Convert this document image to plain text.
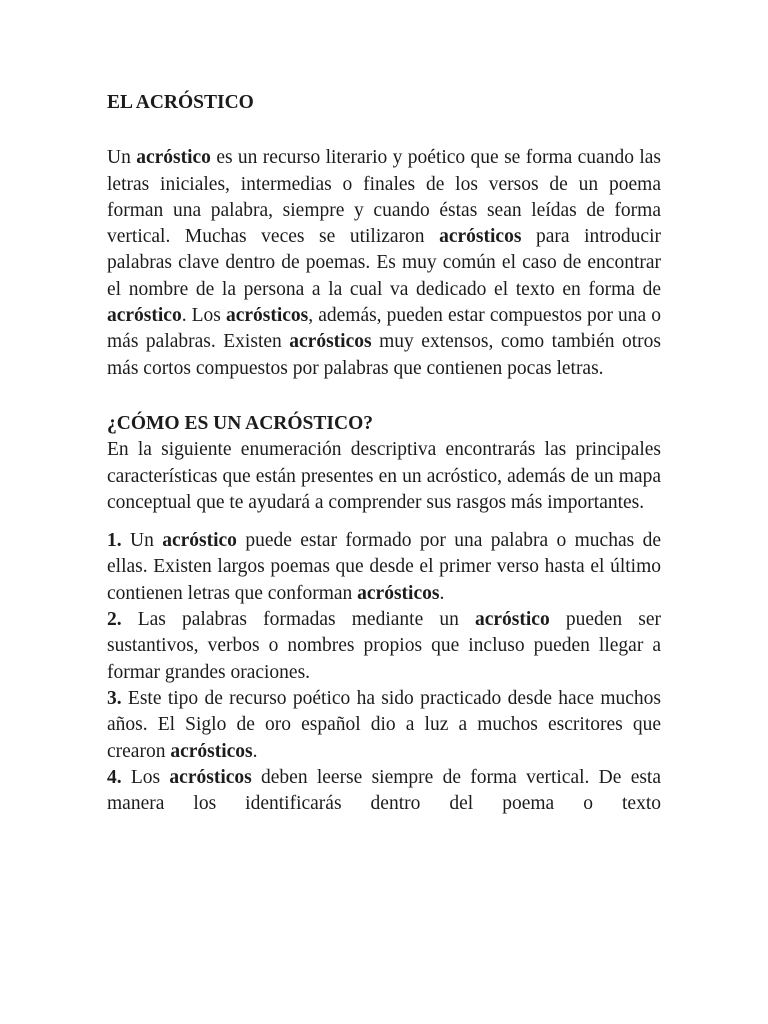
EL ACRÓSTICO

Un acróstico es un recurso literario y poético que se forma cuando las letras iniciales, intermedias o finales de los versos de un poema forman una palabra, siempre y cuando éstas sean leídas de forma vertical. Muchas veces se utilizaron acrósticos para introducir palabras clave dentro de poemas. Es muy común el caso de encontrar el nombre de la persona a la cual va dedicado el texto en forma de acróstico. Los acrósticos, además, pueden estar compuestos por una o más palabras. Existen acrósticos muy extensos, como también otros más cortos compuestos por palabras que contienen pocas letras.

¿CÓMO ES UN ACRÓSTICO?

En la siguiente enumeración descriptiva encontrarás las principales características que están presentes en un acróstico, además de un mapa conceptual que te ayudará a comprender sus rasgos más importantes.

1. Un acróstico puede estar formado por una palabra o muchas de ellas. Existen largos poemas que desde el primer verso hasta el último contienen letras que conforman acrósticos.

2. Las palabras formadas mediante un acróstico pueden ser sustantivos, verbos o nombres propios que incluso pueden llegar a formar grandes oraciones.

3. Este tipo de recurso poético ha sido practicado desde hace muchos años. El Siglo de oro español dio a luz a muchos escritores que crearon acrósticos.

4. Los acrósticos deben leerse siempre de forma vertical. De esta manera los identificarás dentro del poema o texto
